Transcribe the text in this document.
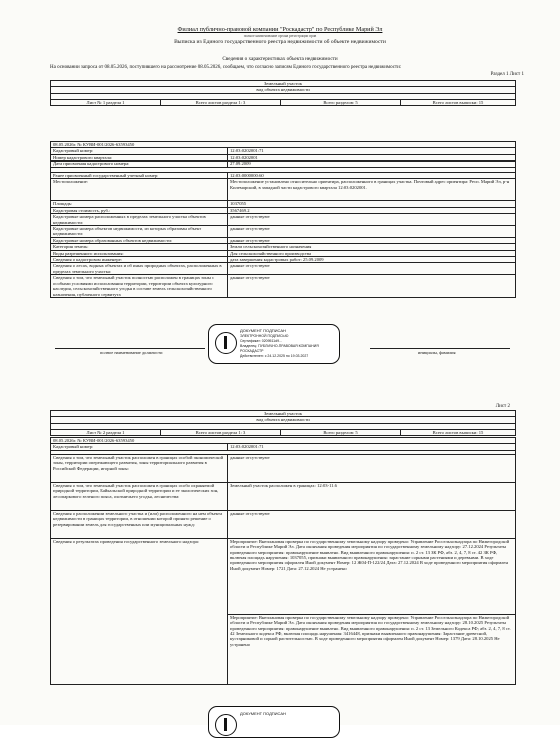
Филиал публично-правовой компании "Роскадастр" по Республике Марий Эл
полное наименование органа регистрации прав
Выписка из Единого государственного реестра недвижимости об объекте недвижимости
Сведения о характеристиках объекта недвижимости
На основании запроса от 08.05.2026, поступившего на рассмотрение 08.05.2026, сообщаем, что согласно записям Единого государственного реестра недвижимости:
Раздел 1 Лист 1
Земельный участок
вид объекта недвижимости

Лист № 1 раздела 1	Всего листов раздела 1: 3	Всего разделов: 5	Всего листов выписки: 15
08.05.2026г. № КУВИ-001/2026-63593450	
Кадастровый номер:	12:03:0202001:71
Номер кадастрового квартала:	12:03:0202001
Дата присвоения кадастрового номера:	27.09.2009

Ранее присвоенный государственный учетный номер:	12:03:0000000:60
Местоположение:	Местоположение установлено относительно ориентира, расположенного в границах участка. Почтовый адрес ориентира: Респ. Марий Эл, р-н Килемарский, в западной части кадастрового квартала 12:03:0202001.
Площадь:	1037055
Кадастровая стоимость, руб.:	3567469.2
Кадастровые номера расположенных в пределах земельного участка объектов недвижимости:	данные отсутствуют
Кадастровые номера объектов недвижимости, из которых образован объект недвижимости:	данные отсутствуют
Кадастровые номера образованных объектов недвижимости:	данные отсутствуют
Категория земель:	Земли сельскохозяйственного назначения
Виды разрешенного использования:	Для сельскохозяйственного производства
Сведения о кадастровом инженере:	дата завершения кадастровых работ: 25.09.2009
Сведения о лесах, водных объектах и об иных природных объектах, расположенных в пределах земельного участка:	данные отсутствуют
Сведения о том, что земельный участок полностью расположен в границах зоны с особыми условиями использования территории, территории объекта культурного наследия, сельскохозяйственного угодья в составе земель сельскохозяйственного назначения, публичного сервитута	данные отсутствуют
ДОКУМЕНТ ПОДПИСАН
ЭЛЕКТРОННОЙ ПОДПИСЬЮ
Сертификат: 0209511d9...
Владелец: ПУБЛИЧНО-ПРАВОВАЯ КОМПАНИЯ
РОСКАДАСТР
Действителен: с 24.12.2025 по 19.03.2027
полное наименование должности	инициалы, фамилия
Лист 2
Земельный участок
вид объекта недвижимости

Лист № 2 раздела 1	Всего листов раздела 1: 3	Всего разделов: 5	Всего листов выписки: 15
08.05.2026г. № КУВИ-001/2026-63593450	
Кадастровый номер:	12:03:0202001:71

Сведения о том, что земельный участок расположен в границах особой экономической зоны, территории опережающего развития, зоны территориального развития в Российской Федерации, игорной зоны:	данные отсутствуют
Сведения о том, что земельный участок расположен в границах особо охраняемой природной территории, Байкальской природной территории и ее экологических зон, лесопаркового зеленого пояса, охотничьего угодья, лесничества:	Земельный участок расположен в границах: 12:03-11.6
Сведения о расположении земельного участка и (или) расположенного на нем объекта недвижимости в границах территории, в отношении которой принято решение о резервировании земель для государственных или муниципальных нужд:	данные отсутствуют
Сведения о результатах проведения государственного земельного надзора:	Мероприятие: Внеплановая проверка по государственному земельному надзору проведено: Управление Россельхознадзора по Нижегородской области и Республике Марий Эл. Дата окончания проведения мероприятия по государственному земельному надзору: 27.12.2024 Результаты проведенного мероприятия: правонарушение выявлено. Вид выявленного правонарушения: п. 2 ст. 13 ЗК РФ, абз. 2, 4, 7, 8 ст. 42 ЗК РФ, включая площадь нарушения: 1037055, признаки выявленного правонарушения: зарастание сорными растениями и деревьями. В ходе проведенного мероприятия оформлен Иной документ Номер: 12 Ж04-П-122/24 Дата: 27.12.2024 В ходе проведенного мероприятия оформлен Иной документ Номер: 1721 Дата: 27.12.2024 Не устранено
	Мероприятие: Внеплановая проверка по государственному земельному надзору проведено: Управление Россельхознадзора по Нижегородской области и Республике Марий Эл. Дата окончания проведения мероприятия по государственному земельному надзору: 28.10.2025 Результаты проведенного мероприятия: правонарушение выявлено. Вид выявленного правонарушения: п. 2 ст. 13 Земельного Кодекса РФ; абз. 2, 4, 7, 8 ст. 42 Земельного кодекса РФ, включая площадь нарушения: 3416448, признаки выявленного правонарушения: Зарастание древесной, кустарниковой и сорной растительностью. В ходе проведенного мероприятия оформлен Иной документ Номер: 1379 Дата: 28.10.2025 Не устранено
ДОКУМЕНТ ПОДПИСАН
